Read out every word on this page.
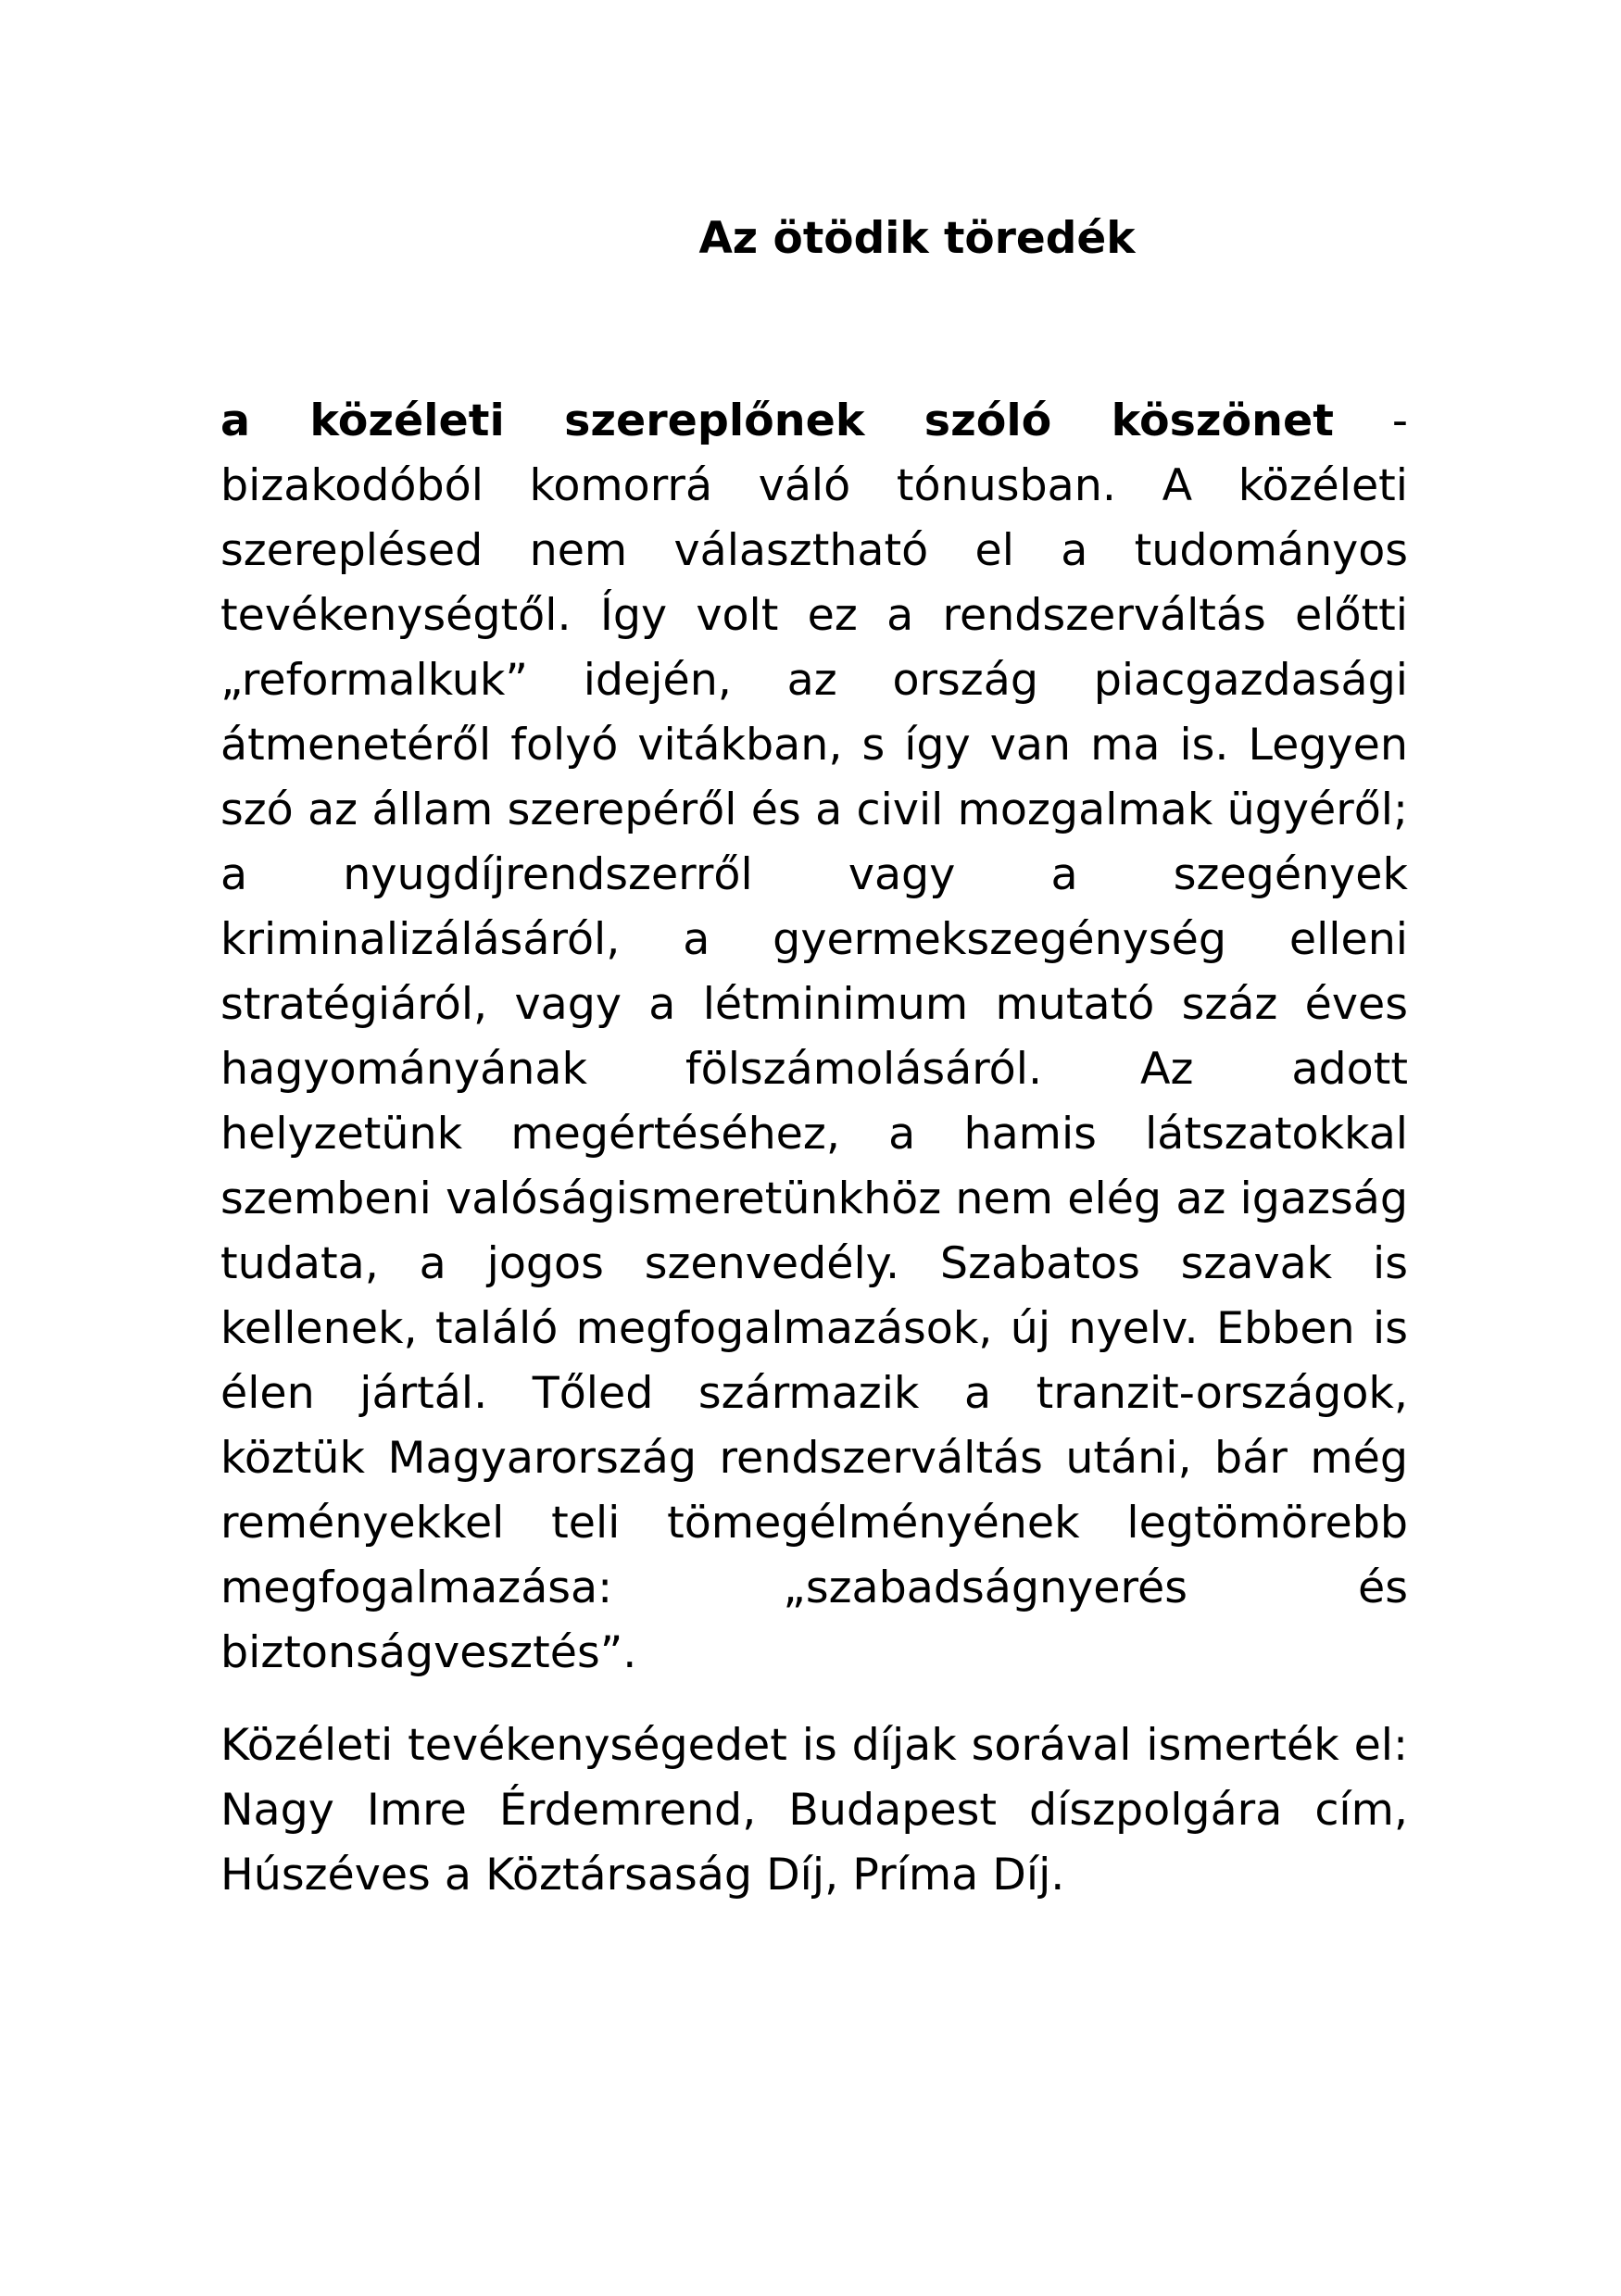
Az ötödik töredék

a közéleti szereplőnek szóló köszönet - bizakodóból komorrá váló tónusban. A közéleti szereplésed nem választható el a tudományos tevékenységtől. Így volt ez a rendszerváltás előtti „reformalkuk” idején, az ország piacgazdasági átmenetéről folyó vitákban, s így van ma is. Legyen szó az állam szerepéről és a civil mozgalmak ügyéről; a nyugdíjrendszerről vagy a szegények kriminalizálásáról, a gyermekszegénység elleni stratégiáról, vagy a létminimum mutató száz éves hagyományának fölszámolásáról. Az adott helyzetünk megértéséhez, a hamis látszatokkal szembeni valóságismeretünkhöz nem elég az igazság tudata, a jogos szenvedély. Szabatos szavak is kellenek, találó megfogalmazások, új nyelv. Ebben is élen jártál. Tőled származik a tranzit-országok, köztük Magyarország rendszerváltás utáni, bár még reményekkel teli tömegélményének legtömörebb megfogalmazása: „szabadságnyerés és biztonságvesztés”.

Közéleti tevékenységedet is díjak sorával ismerték el: Nagy Imre Érdemrend, Budapest díszpolgára cím, Húszéves a Köztársaság Díj, Príma Díj.
